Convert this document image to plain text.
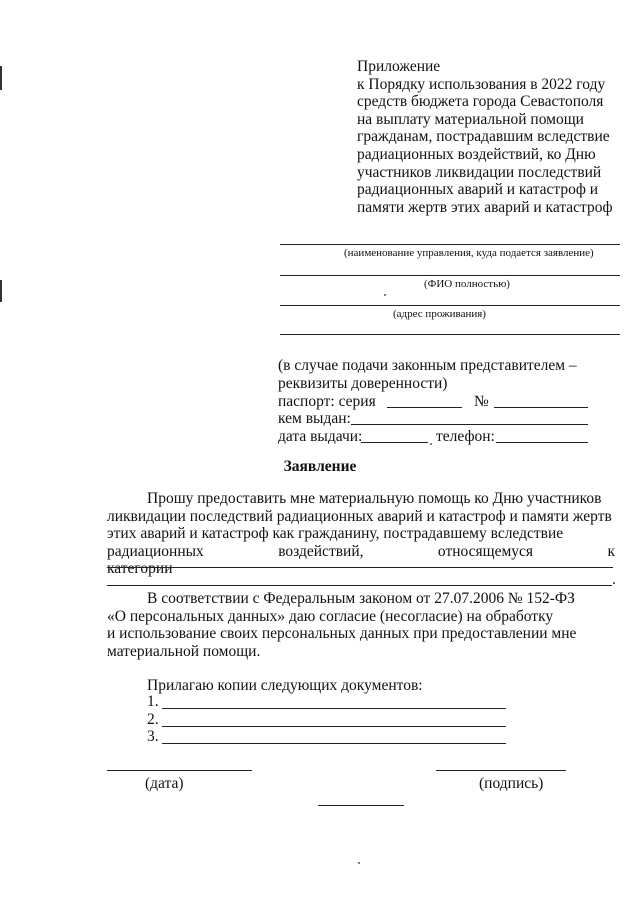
Приложение
к Порядку использования в 2022 году
средств бюджета города Севастополя
на выплату материальной помощи
гражданам, пострадавшим вследствие
радиационных воздействий, ко Дню
участников ликвидации последствий
радиационных аварий и катастроф и
памяти жертв этих аварий и катастроф
(наименование управления, куда подается заявление)
(ФИО полностью)
(адрес проживания)
(в случае подачи законным представителем –
реквизиты доверенности)
паспорт: серия	№
кем выдан:
дата выдачи:	телефон:
Заявление

Прошу предоставить мне материальную помощь ко Дню участников

ликвидации последствий радиационных аварий и катастроф и памяти жертв

этих аварий и катастроф как гражданину, пострадавшему вследствие

радиационных воздействий, относящемуся к категории

.

В соответствии с Федеральным законом от 27.07.2006 № 152-ФЗ

«О персональных данных» даю согласие (несогласие) на обработку

и использование своих персональных данных при предоставлении мне

материальной помощи.

Прилагаю копии следующих документов:
1.
2.
3.
(дата)	(подпись)
